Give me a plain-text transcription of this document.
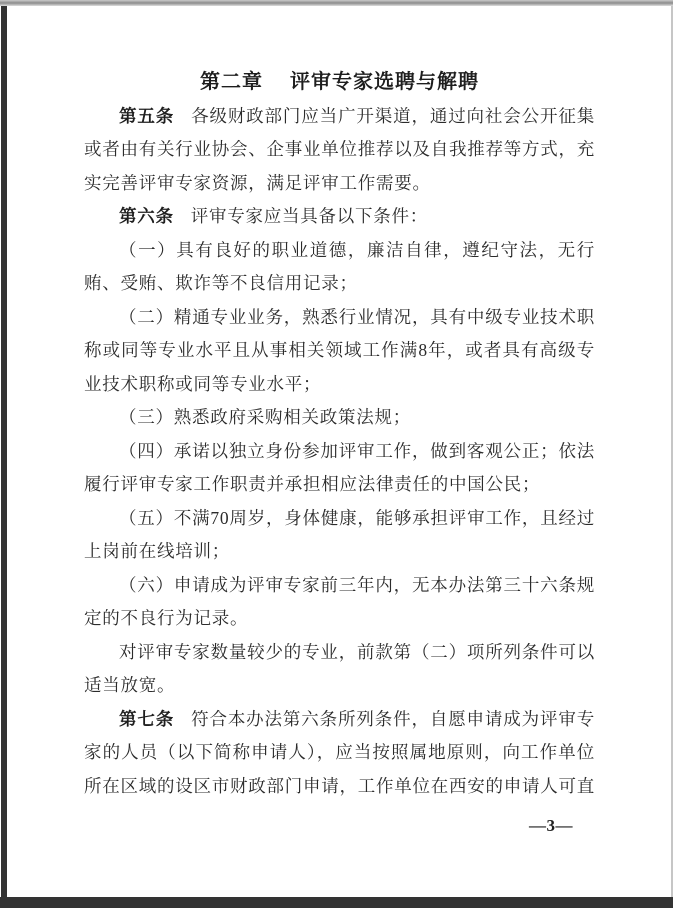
第二章 评审专家选聘与解聘

第五条 各级财政部门应当广开渠道，通过向社会公开征集或者由有关行业协会、企事业单位推荐以及自我推荐等方式，充实完善评审专家资源，满足评审工作需要。

第六条 评审专家应当具备以下条件：

（一）具有良好的职业道德，廉洁自律，遵纪守法，无行贿、受贿、欺诈等不良信用记录；

（二）精通专业业务，熟悉行业情况，具有中级专业技术职称或同等专业水平且从事相关领域工作满8年，或者具有高级专业技术职称或同等专业水平；

（三）熟悉政府采购相关政策法规；

（四）承诺以独立身份参加评审工作，做到客观公正；依法履行评审专家工作职责并承担相应法律责任的中国公民；

（五）不满70周岁，身体健康，能够承担评审工作，且经过上岗前在线培训；

（六）申请成为评审专家前三年内，无本办法第三十六条规定的不良行为记录。

对评审专家数量较少的专业，前款第（二）项所列条件可以适当放宽。

第七条 符合本办法第六条所列条件，自愿申请成为评审专家的人员（以下简称申请人），应当按照属地原则，向工作单位所在区域的设区市财政部门申请，工作单位在西安的申请人可直

—3—
